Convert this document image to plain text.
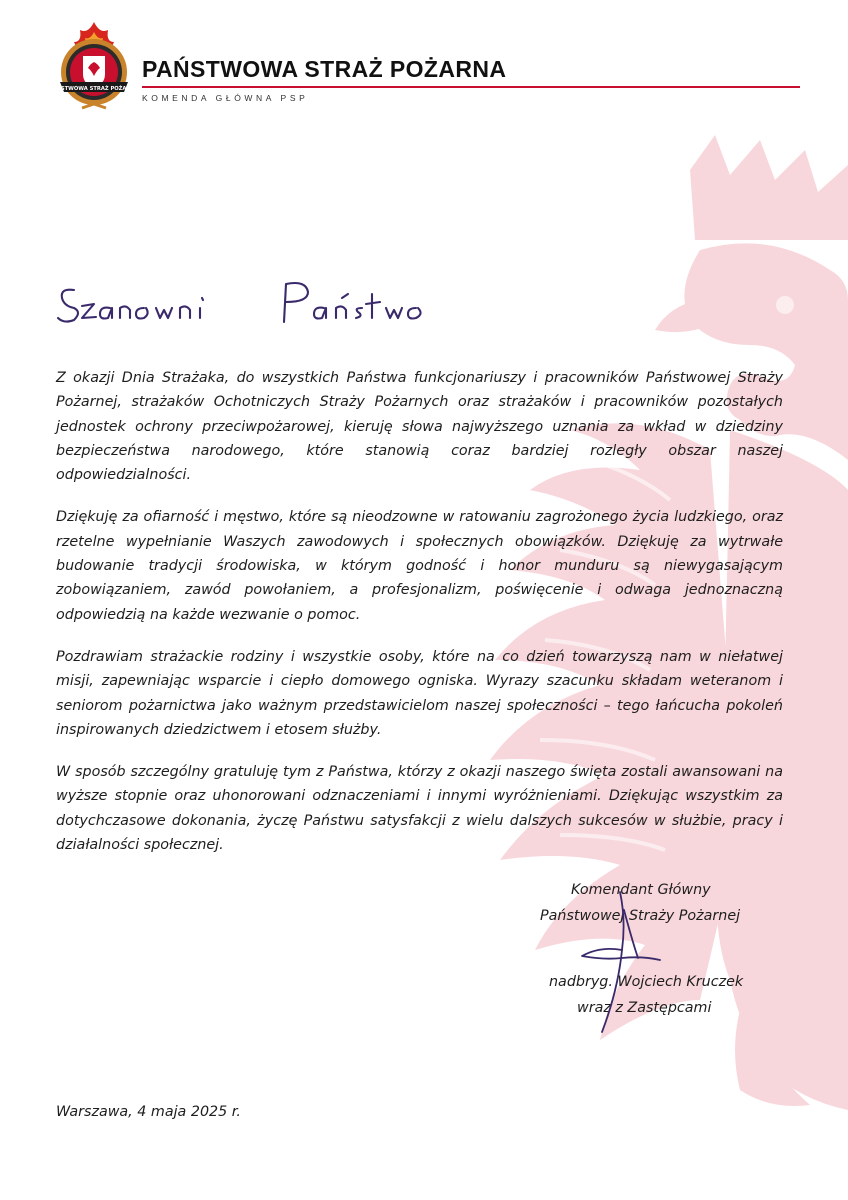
PAŃSTWOWA STRAŻ POŻARNA
PAŃSTWOWA STRAŻ POŻARNA
KOMENDA GŁÓWNA PSP

Z okazji Dnia Strażaka, do wszystkich Państwa funkcjonariuszy i pracowników Państwowej Straży Pożarnej, strażaków Ochotniczych Straży Pożarnych oraz strażaków i pracowników pozostałych jednostek ochrony przeciwpożarowej, kieruję słowa najwyższego uznania za wkład w dziedziny bezpieczeństwa narodowego, które stanowią coraz bardziej rozległy obszar naszej odpowiedzialności.

Dziękuję za ofiarność i męstwo, które są nieodzowne w ratowaniu zagrożonego życia ludzkiego, oraz rzetelne wypełnianie Waszych zawodowych i społecznych obowiązków. Dziękuję za wytrwałe budowanie tradycji środowiska, w którym godność i honor munduru są niewygasającym zobowiązaniem, zawód powołaniem, a profesjonalizm, poświęcenie i odwaga jednoznaczną odpowiedzią na każde wezwanie o pomoc.

Pozdrawiam strażackie rodziny i wszystkie osoby, które na co dzień towarzyszą nam w niełatwej misji, zapewniając wsparcie i ciepło domowego ogniska. Wyrazy szacunku składam weteranom i seniorom pożarnictwa jako ważnym przedstawicielom naszej społeczności – tego łańcucha pokoleń inspirowanych dziedzictwem i etosem służby.

W sposób szczególny gratuluję tym z Państwa, którzy z okazji naszego święta zostali awansowani na wyższe stopnie oraz uhonorowani odznaczeniami i innymi wyróżnieniami. Dziękując wszystkim za dotychczasowe dokonania, życzę Państwu satysfakcji z wielu dalszych sukcesów w służbie, pracy i działalności społecznej.

Komendant Główny
Państwowej Straży Pożarnej
nadbryg. Wojciech Kruczek
wraz z Zastępcami
Warszawa, 4 maja 2025 r.
